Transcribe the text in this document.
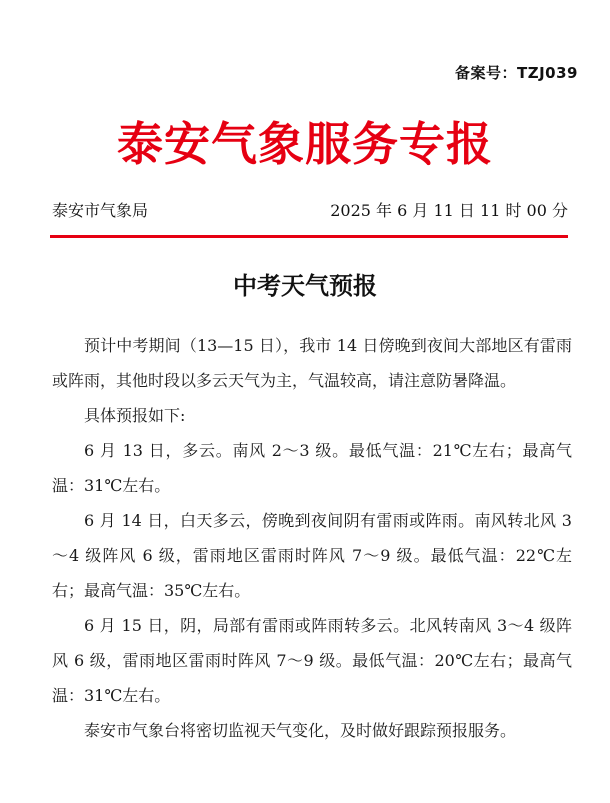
备案号：TZJ039
泰安气象服务专报
泰安市气象局	2025 年 6 月 11 日 11 时 00 分
中考天气预报

预计中考期间（13—15 日），我市 14 日傍晚到夜间大部地区有雷雨或阵雨，其他时段以多云天气为主，气温较高，请注意防暑降温。

具体预报如下:

6 月 13 日，多云。南风 2～3 级。最低气温：21℃左右；最高气温：31℃左右。

6 月 14 日，白天多云，傍晚到夜间阴有雷雨或阵雨。南风转北风 3～4 级阵风 6 级，雷雨地区雷雨时阵风 7～9 级。最低气温：22℃左右；最高气温：35℃左右。

6 月 15 日，阴，局部有雷雨或阵雨转多云。北风转南风 3～4 级阵风 6 级，雷雨地区雷雨时阵风 7～9 级。最低气温：20℃左右；最高气温：31℃左右。

泰安市气象台将密切监视天气变化，及时做好跟踪预报服务。
